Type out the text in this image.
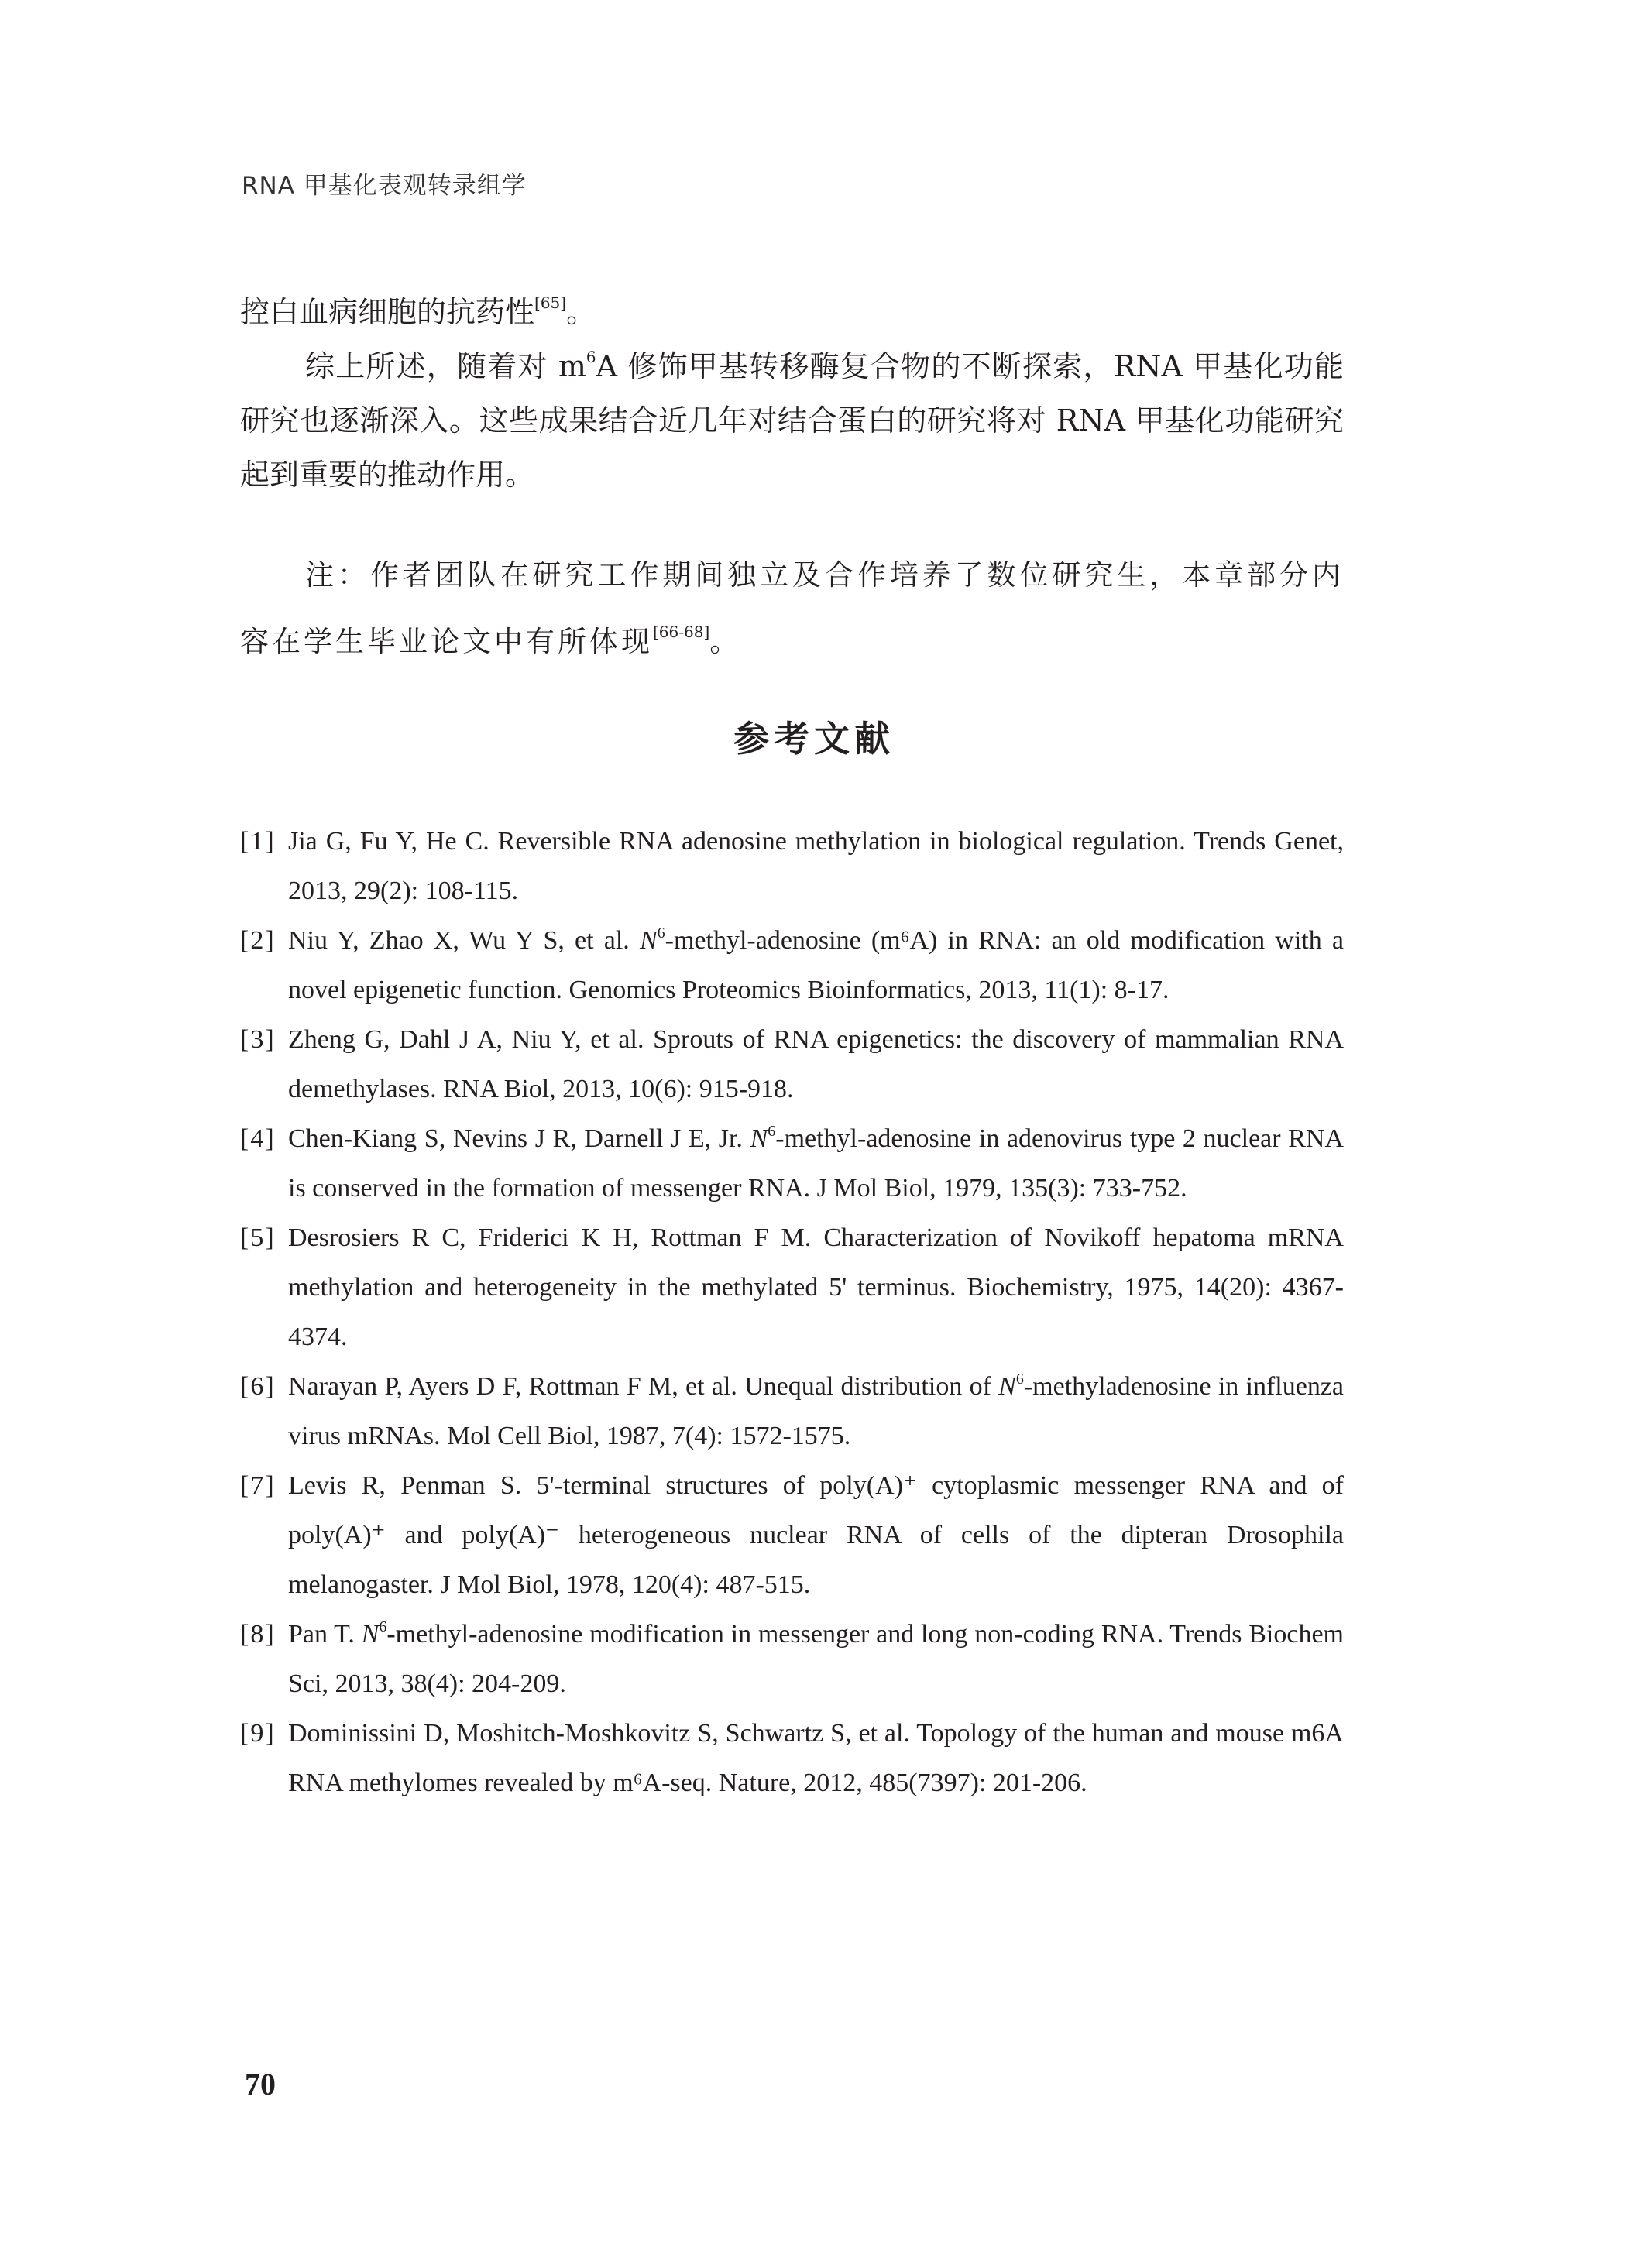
RNA 甲基化表观转录组学

控白血病细胞的抗药性[65]。

综上所述，随着对 m$^6$A 修饰甲基转移酶复合物的不断探索，RNA 甲基化功能研究也逐渐深入。这些成果结合近几年对结合蛋白的研究将对 RNA 甲基化功能研究起到重要的推动作用。

注：作者团队在研究工作期间独立及合作培养了数位研究生，本章部分内容在学生毕业论文中有所体现[66-68]。

参考文献

[1] Jia G, Fu Y, He C. Reversible RNA adenosine methylation in biological regulation. Trends Genet, 2013, 29(2): 108-115.

[2] Niu Y, Zhao X, Wu Y S, et al. $N^6-methyl$-adenosine (m⁶A) in RNA: an old modification with a novel epigenetic function. Genomics Proteomics Bioinformatics, 2013, 11(1): 8-17.

[3] Zheng G, Dahl J A, Niu Y, et al. Sprouts of RNA epigenetics: the discovery of mammalian RNA demethylases. RNA Biol, 2013, 10(6): 915-918.

[4] Chen-Kiang S, Nevins J R, Darnell J E, Jr. $N^6-methyl$-adenosine in adenovirus type 2 nuclear RNA is conserved in the formation of messenger RNA. J Mol Biol, 1979, 135(3): 733-752.

[5] Desrosiers R C, Friderici K H, Rottman F M. Characterization of Novikoff hepatoma mRNA methylation and heterogeneity in the methylated 5' terminus. Biochemistry, 1975, 14(20): 4367-4374.

[6] Narayan P, Ayers D F, Rottman F M, et al. Unequal distribution of $N^6$-methyladenosine in influenza virus mRNAs. Mol Cell Biol, 1987, 7(4): 1572-1575.

[7] Levis R, Penman S. 5'-terminal structures of poly(A)⁺ cytoplasmic messenger RNA and of poly(A)⁺ and poly(A)⁻ heterogeneous nuclear RNA of cells of the dipteran Drosophila melanogaster. J Mol Biol, 1978, 120(4): 487-515.

[8] Pan T. $N^6-methyl$-adenosine modification in messenger and long non-coding RNA. Trends Biochem Sci, 2013, 38(4): 204-209.

[9] Dominissini D, Moshitch-Moshkovitz S, Schwartz S, et al. Topology of the human and mouse m6A RNA methylomes revealed by m⁶A-seq. Nature, 2012, 485(7397): 201-206.

70
